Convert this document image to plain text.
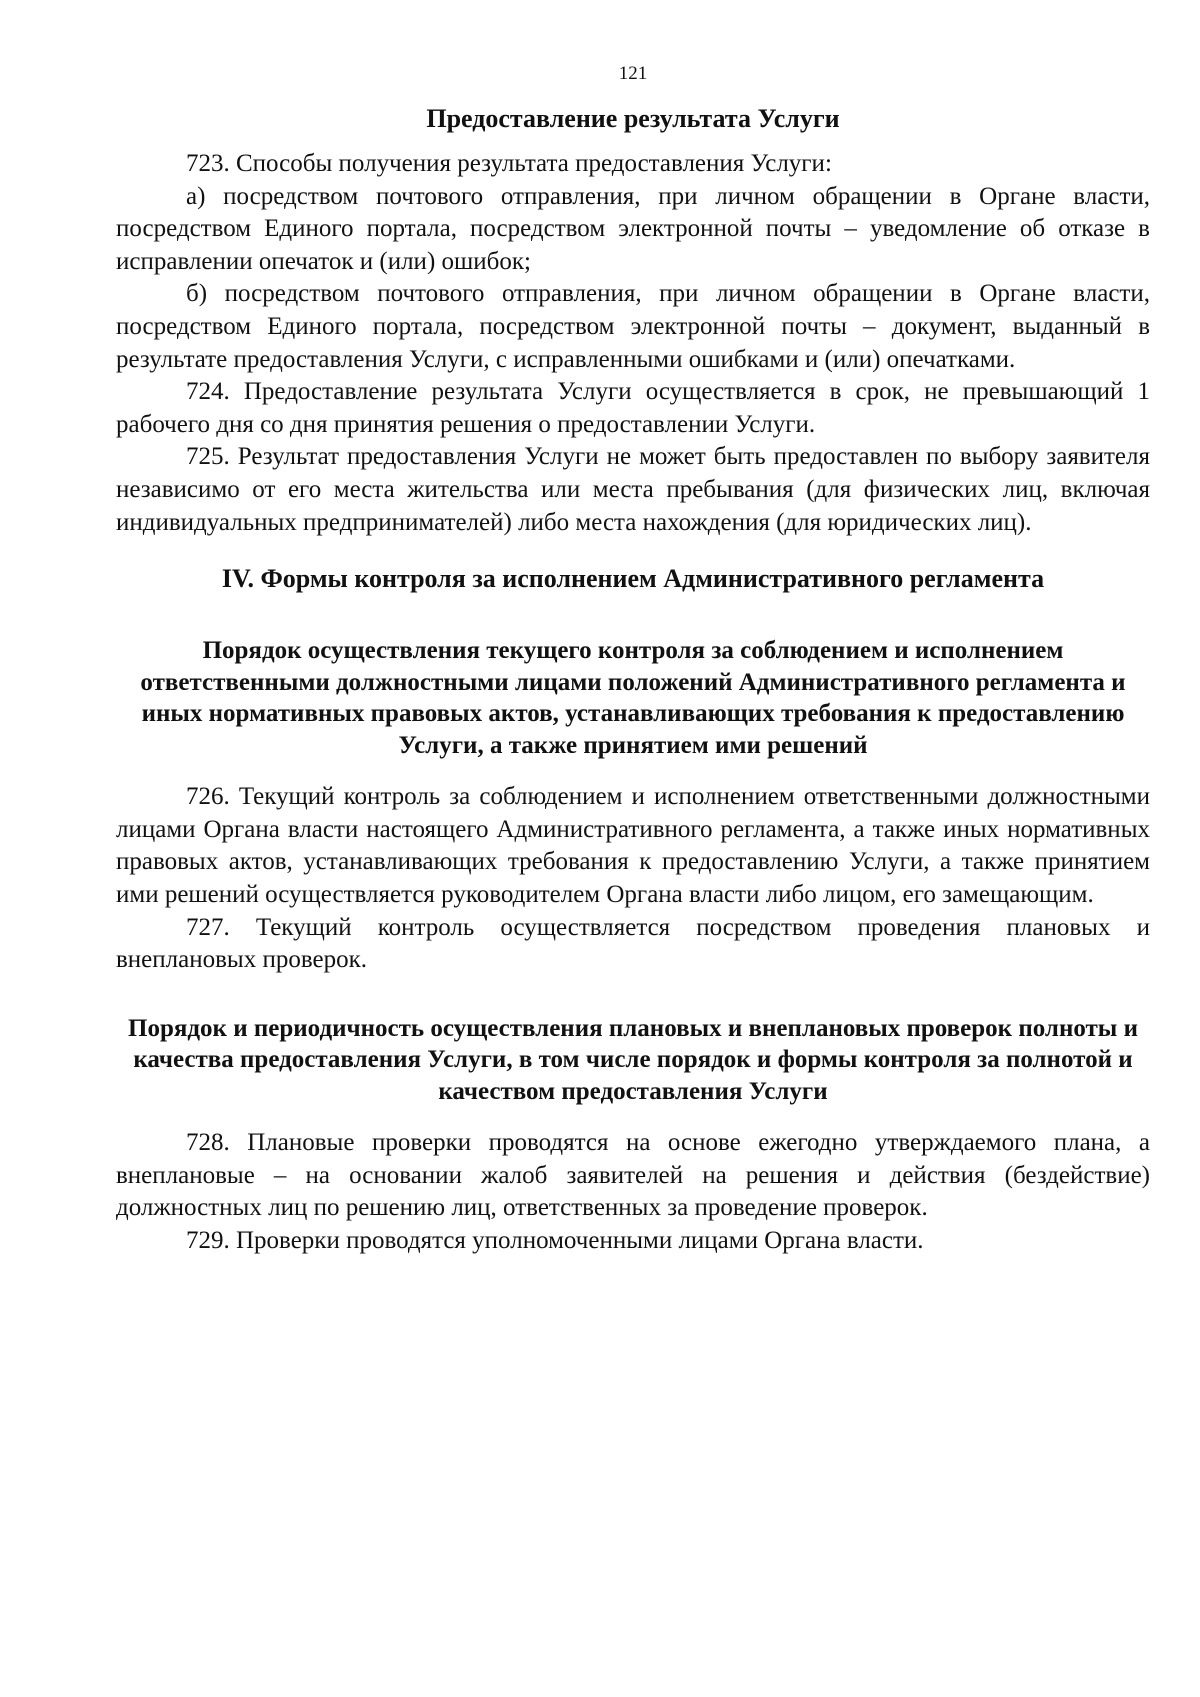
121
Предоставление результата Услуги

723. Способы получения результата предоставления Услуги:

а) посредством почтового отправления, при личном обращении в Органе власти, посредством Единого портала, посредством электронной почты – уведомление об отказе в исправлении опечаток и (или) ошибок;

б) посредством почтового отправления, при личном обращении в Органе власти, посредством Единого портала, посредством электронной почты – документ, выданный в результате предоставления Услуги, с исправленными ошибками и (или) опечатками.

724. Предоставление результата Услуги осуществляется в срок, не превышающий 1 рабочего дня со дня принятия решения о предоставлении Услуги.

725. Результат предоставления Услуги не может быть предоставлен по выбору заявителя независимо от его места жительства или места пребывания (для физических лиц, включая индивидуальных предпринимателей) либо места нахождения (для юридических лиц).

IV. Формы контроля за исполнением Административного регламента
Порядок осуществления текущего контроля за соблюдением и исполнением ответственными должностными лицами положений Административного регламента и иных нормативных правовых актов, устанавливающих требования к предоставлению Услуги, а также принятием ими решений

726. Текущий контроль за соблюдением и исполнением ответственными должностными лицами Органа власти настоящего Административного регламента, а также иных нормативных правовых актов, устанавливающих требования к предоставлению Услуги, а также принятием ими решений осуществляется руководителем Органа власти либо лицом, его замещающим.

727. Текущий контроль осуществляется посредством проведения плановых и внеплановых проверок.

Порядок и периодичность осуществления плановых и внеплановых проверок полноты и качества предоставления Услуги, в том числе порядок и формы контроля за полнотой и качеством предоставления Услуги

728. Плановые проверки проводятся на основе ежегодно утверждаемого плана, а внеплановые – на основании жалоб заявителей на решения и действия (бездействие) должностных лиц по решению лиц, ответственных за проведение проверок.

729. Проверки проводятся уполномоченными лицами Органа власти.
